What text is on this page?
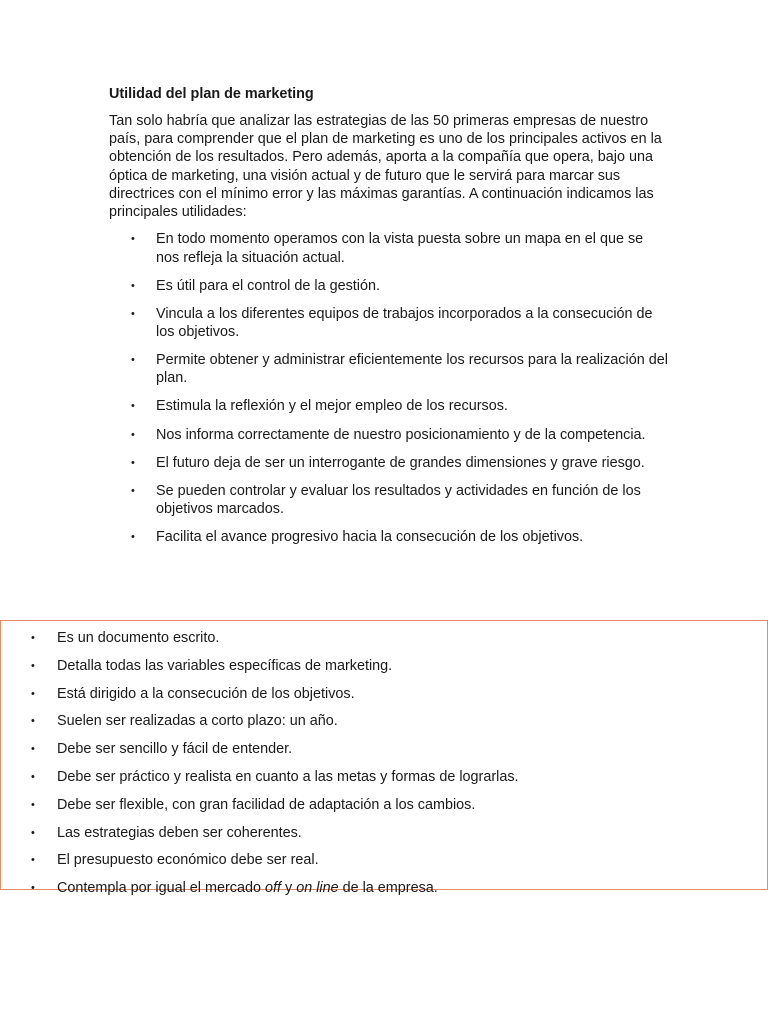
Utilidad del plan de marketing

Tan solo habría que analizar las estrategias de las 50 primeras empresas de nuestro país, para comprender que el plan de marketing es uno de los principales activos en la obtención de los resultados. Pero además, aporta a la compañía que opera, bajo una óptica de marketing, una visión actual y de futuro que le servirá para marcar sus directrices con el mínimo error y las máximas garantías. A continuación indicamos las principales utilidades:

• En todo momento operamos con la vista puesta sobre un mapa en el que se nos refleja la situación actual.
• Es útil para el control de la gestión.
• Vincula a los diferentes equipos de trabajos incorporados a la consecución de los objetivos.
• Permite obtener y administrar eficientemente los recursos para la realización del plan.
• Estimula la reflexión y el mejor empleo de los recursos.
• Nos informa correctamente de nuestro posicionamiento y de la competencia.
• El futuro deja de ser un interrogante de grandes dimensiones y grave riesgo.
• Se pueden controlar y evaluar los resultados y actividades en función de los objetivos marcados.
• Facilita el avance progresivo hacia la consecución de los objetivos.
• Es un documento escrito.
• Detalla todas las variables específicas de marketing.
• Está dirigido a la consecución de los objetivos.
• Suelen ser realizadas a corto plazo: un año.
• Debe ser sencillo y fácil de entender.
• Debe ser práctico y realista en cuanto a las metas y formas de lograrlas.
• Debe ser flexible, con gran facilidad de adaptación a los cambios.
• Las estrategias deben ser coherentes.
• El presupuesto económico debe ser real.
• Contempla por igual el mercado off y on line de la empresa.
